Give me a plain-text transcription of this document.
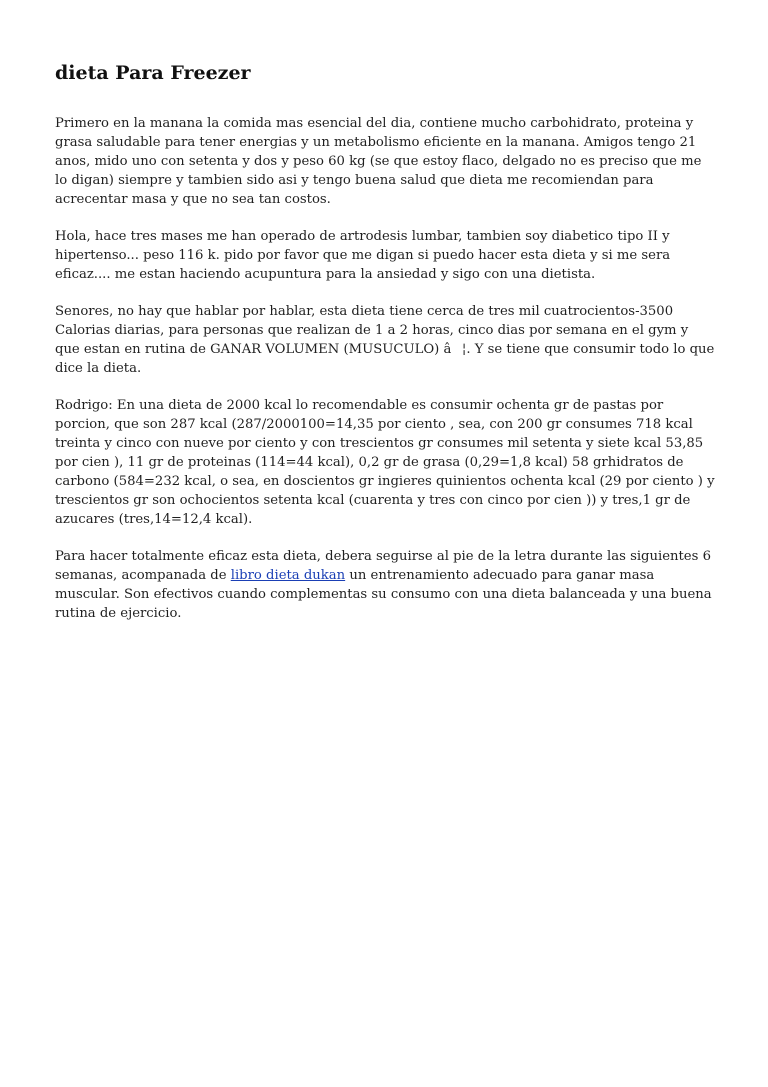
dieta Para Freezer

Primero en la manana la comida mas esencial del dia, contiene mucho carbohidrato, proteina y grasa saludable para tener energias y un metabolismo eficiente en la manana. Amigos tengo 21 anos, mido uno con setenta y dos y peso 60 kg (se que estoy flaco, delgado no es preciso que me lo digan) siempre y tambien sido asi y tengo buena salud que dieta me recomiendan para acrecentar masa y que no sea tan costos.

Hola, hace tres mases me han operado de artrodesis lumbar, tambien soy diabetico tipo II y hipertenso... peso 116 k. pido por favor que me digan si puedo hacer esta dieta y si me sera eficaz.... me estan haciendo acupuntura para la ansiedad y sigo con una dietista.

Senores, no hay que hablar por hablar, esta dieta tiene cerca de tres mil cuatrocientos-3500 Calorias diarias, para personas que realizan de 1 a 2 horas, cinco dias por semana en el gym y que estan en rutina de GANAR VOLUMEN (MUSUCULO) â¦. Y se tiene que consumir todo lo que dice la dieta.

Rodrigo: En una dieta de 2000 kcal lo recomendable es consumir ochenta gr de pastas por porcion, que son 287 kcal (287/2000100=14,35 por ciento , sea, con 200 gr consumes 718 kcal treinta y cinco con nueve por ciento y con trescientos gr consumes mil setenta y siete kcal 53,85 por cien ), 11 gr de proteinas (114=44 kcal), 0,2 gr de grasa (0,29=1,8 kcal) 58 grhidratos de carbono (584=232 kcal, o sea, en doscientos gr ingieres quinientos ochenta kcal (29 por ciento ) y trescientos gr son ochocientos setenta kcal (cuarenta y tres con cinco por cien )) y tres,1 gr de azucares (tres,14=12,4 kcal).

Para hacer totalmente eficaz esta dieta, debera seguirse al pie de la letra durante las siguientes 6 semanas, acompanada de libro dieta dukan un entrenamiento adecuado para ganar masa muscular. Son efectivos cuando complementas su consumo con una dieta balanceada y una buena rutina de ejercicio.
